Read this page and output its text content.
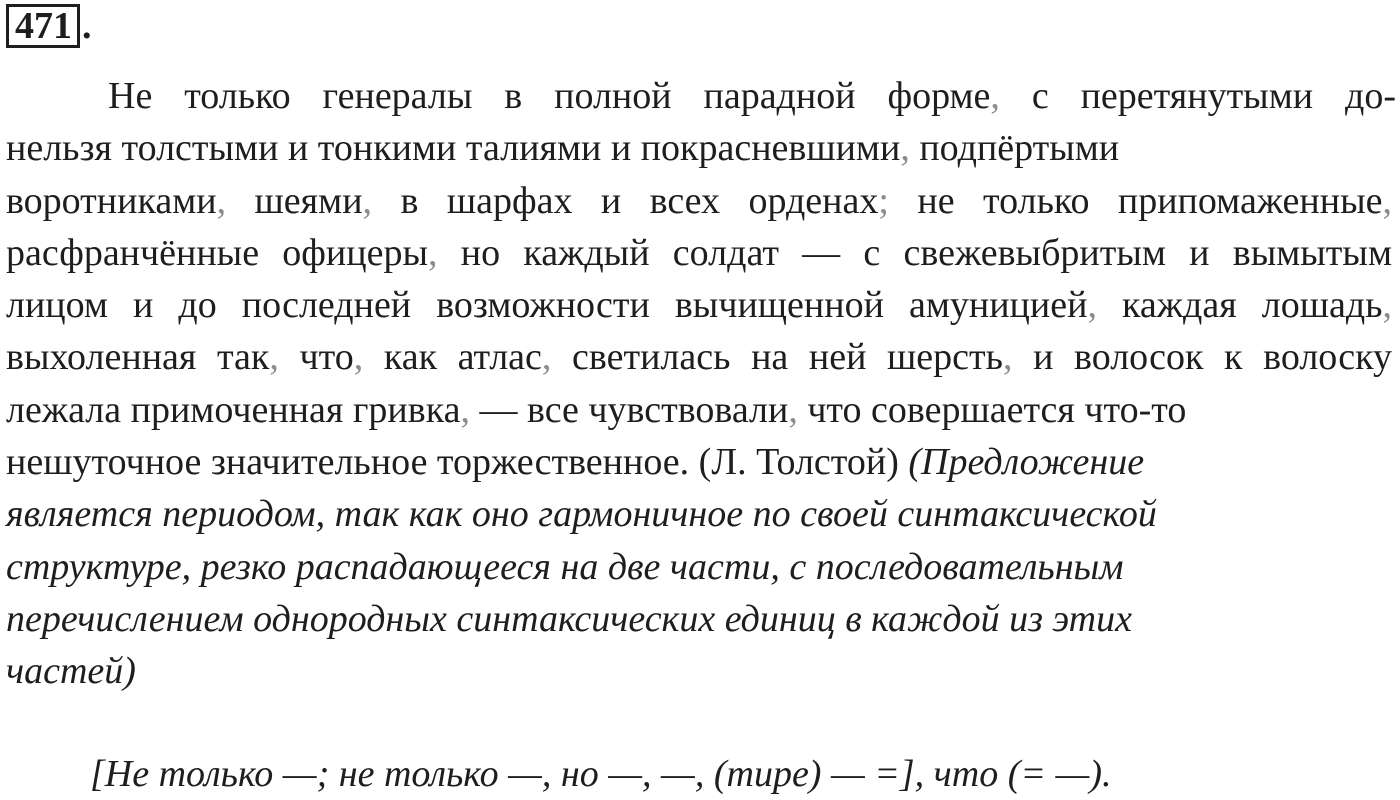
471 .
Не только генералы в полной парадной форме, с перетянутыми до-
нельзя толстыми и тонкими талиями и покрасневшими, подпёртыми
воротниками, шеями, в шарфах и всех орденах; не только припомаженные,
расфранчённые офицеры, но каждый солдат — с свежевыбритым и вымытым
лицом и до последней возможности вычищенной амуницией, каждая лошадь,
выхоленная так, что, как атлас, светилась на ней шерсть, и волосок к волоску
лежала примоченная гривка, — все чувствовали, что совершается что-то
нешуточное значительное торжественное. (Л. Толстой) (Предложение
является периодом, так как оно гармоничное по своей синтаксической
структуре, резко распадающееся на две части, с последовательным
перечислением однородных синтаксических единиц в каждой из этих
частей)
[Не только —; не только —, но —, —, (тире) — =], что (= —).
